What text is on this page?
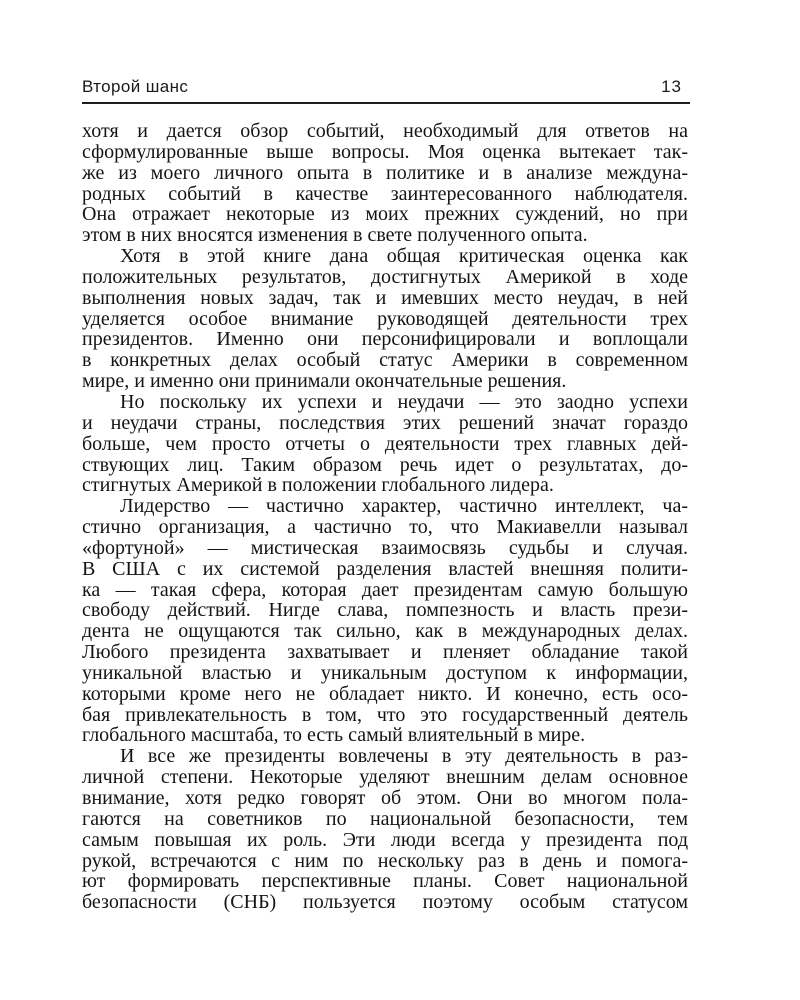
Второй шанс	13
хотя и дается обзор событий, необходимый для ответов на
сформулированные выше вопросы. Моя оценка вытекает так-
же из моего личного опыта в политике и в анализе междуна-
родных событий в качестве заинтересованного наблюдателя.
Она отражает некоторые из моих прежних суждений, но при
этом в них вносятся изменения в свете полученного опыта.
Хотя в этой книге дана общая критическая оценка как
положительных результатов, достигнутых Америкой в ходе
выполнения новых задач, так и имевших место неудач, в ней
уделяется особое внимание руководящей деятельности трех
президентов. Именно они персонифицировали и воплощали
в конкретных делах особый статус Америки в современном
мире, и именно они принимали окончательные решения.
Но поскольку их успехи и неудачи — это заодно успехи
и неудачи страны, последствия этих решений значат гораздо
больше, чем просто отчеты о деятельности трех главных дей-
ствующих лиц. Таким образом речь идет о результатах, до-
стигнутых Америкой в положении глобального лидера.
Лидерство — частично характер, частично интеллект, ча-
стично организация, а частично то, что Макиавелли называл
«фортуной» — мистическая взаимосвязь судьбы и случая.
В США с их системой разделения властей внешняя полити-
ка — такая сфера, которая дает президентам самую большую
свободу действий. Нигде слава, помпезность и власть прези-
дента не ощущаются так сильно, как в международных делах.
Любого президента захватывает и пленяет обладание такой
уникальной властью и уникальным доступом к информации,
которыми кроме него не обладает никто. И конечно, есть осо-
бая привлекательность в том, что это государственный деятель
глобального масштаба, то есть самый влиятельный в мире.
И все же президенты вовлечены в эту деятельность в раз-
личной степени. Некоторые уделяют внешним делам основное
внимание, хотя редко говорят об этом. Они во многом пола-
гаются на советников по национальной безопасности, тем
самым повышая их роль. Эти люди всегда у президента под
рукой, встречаются с ним по нескольку раз в день и помога-
ют формировать перспективные планы. Совет национальной
безопасности (СНБ) пользуется поэтому особым статусом
